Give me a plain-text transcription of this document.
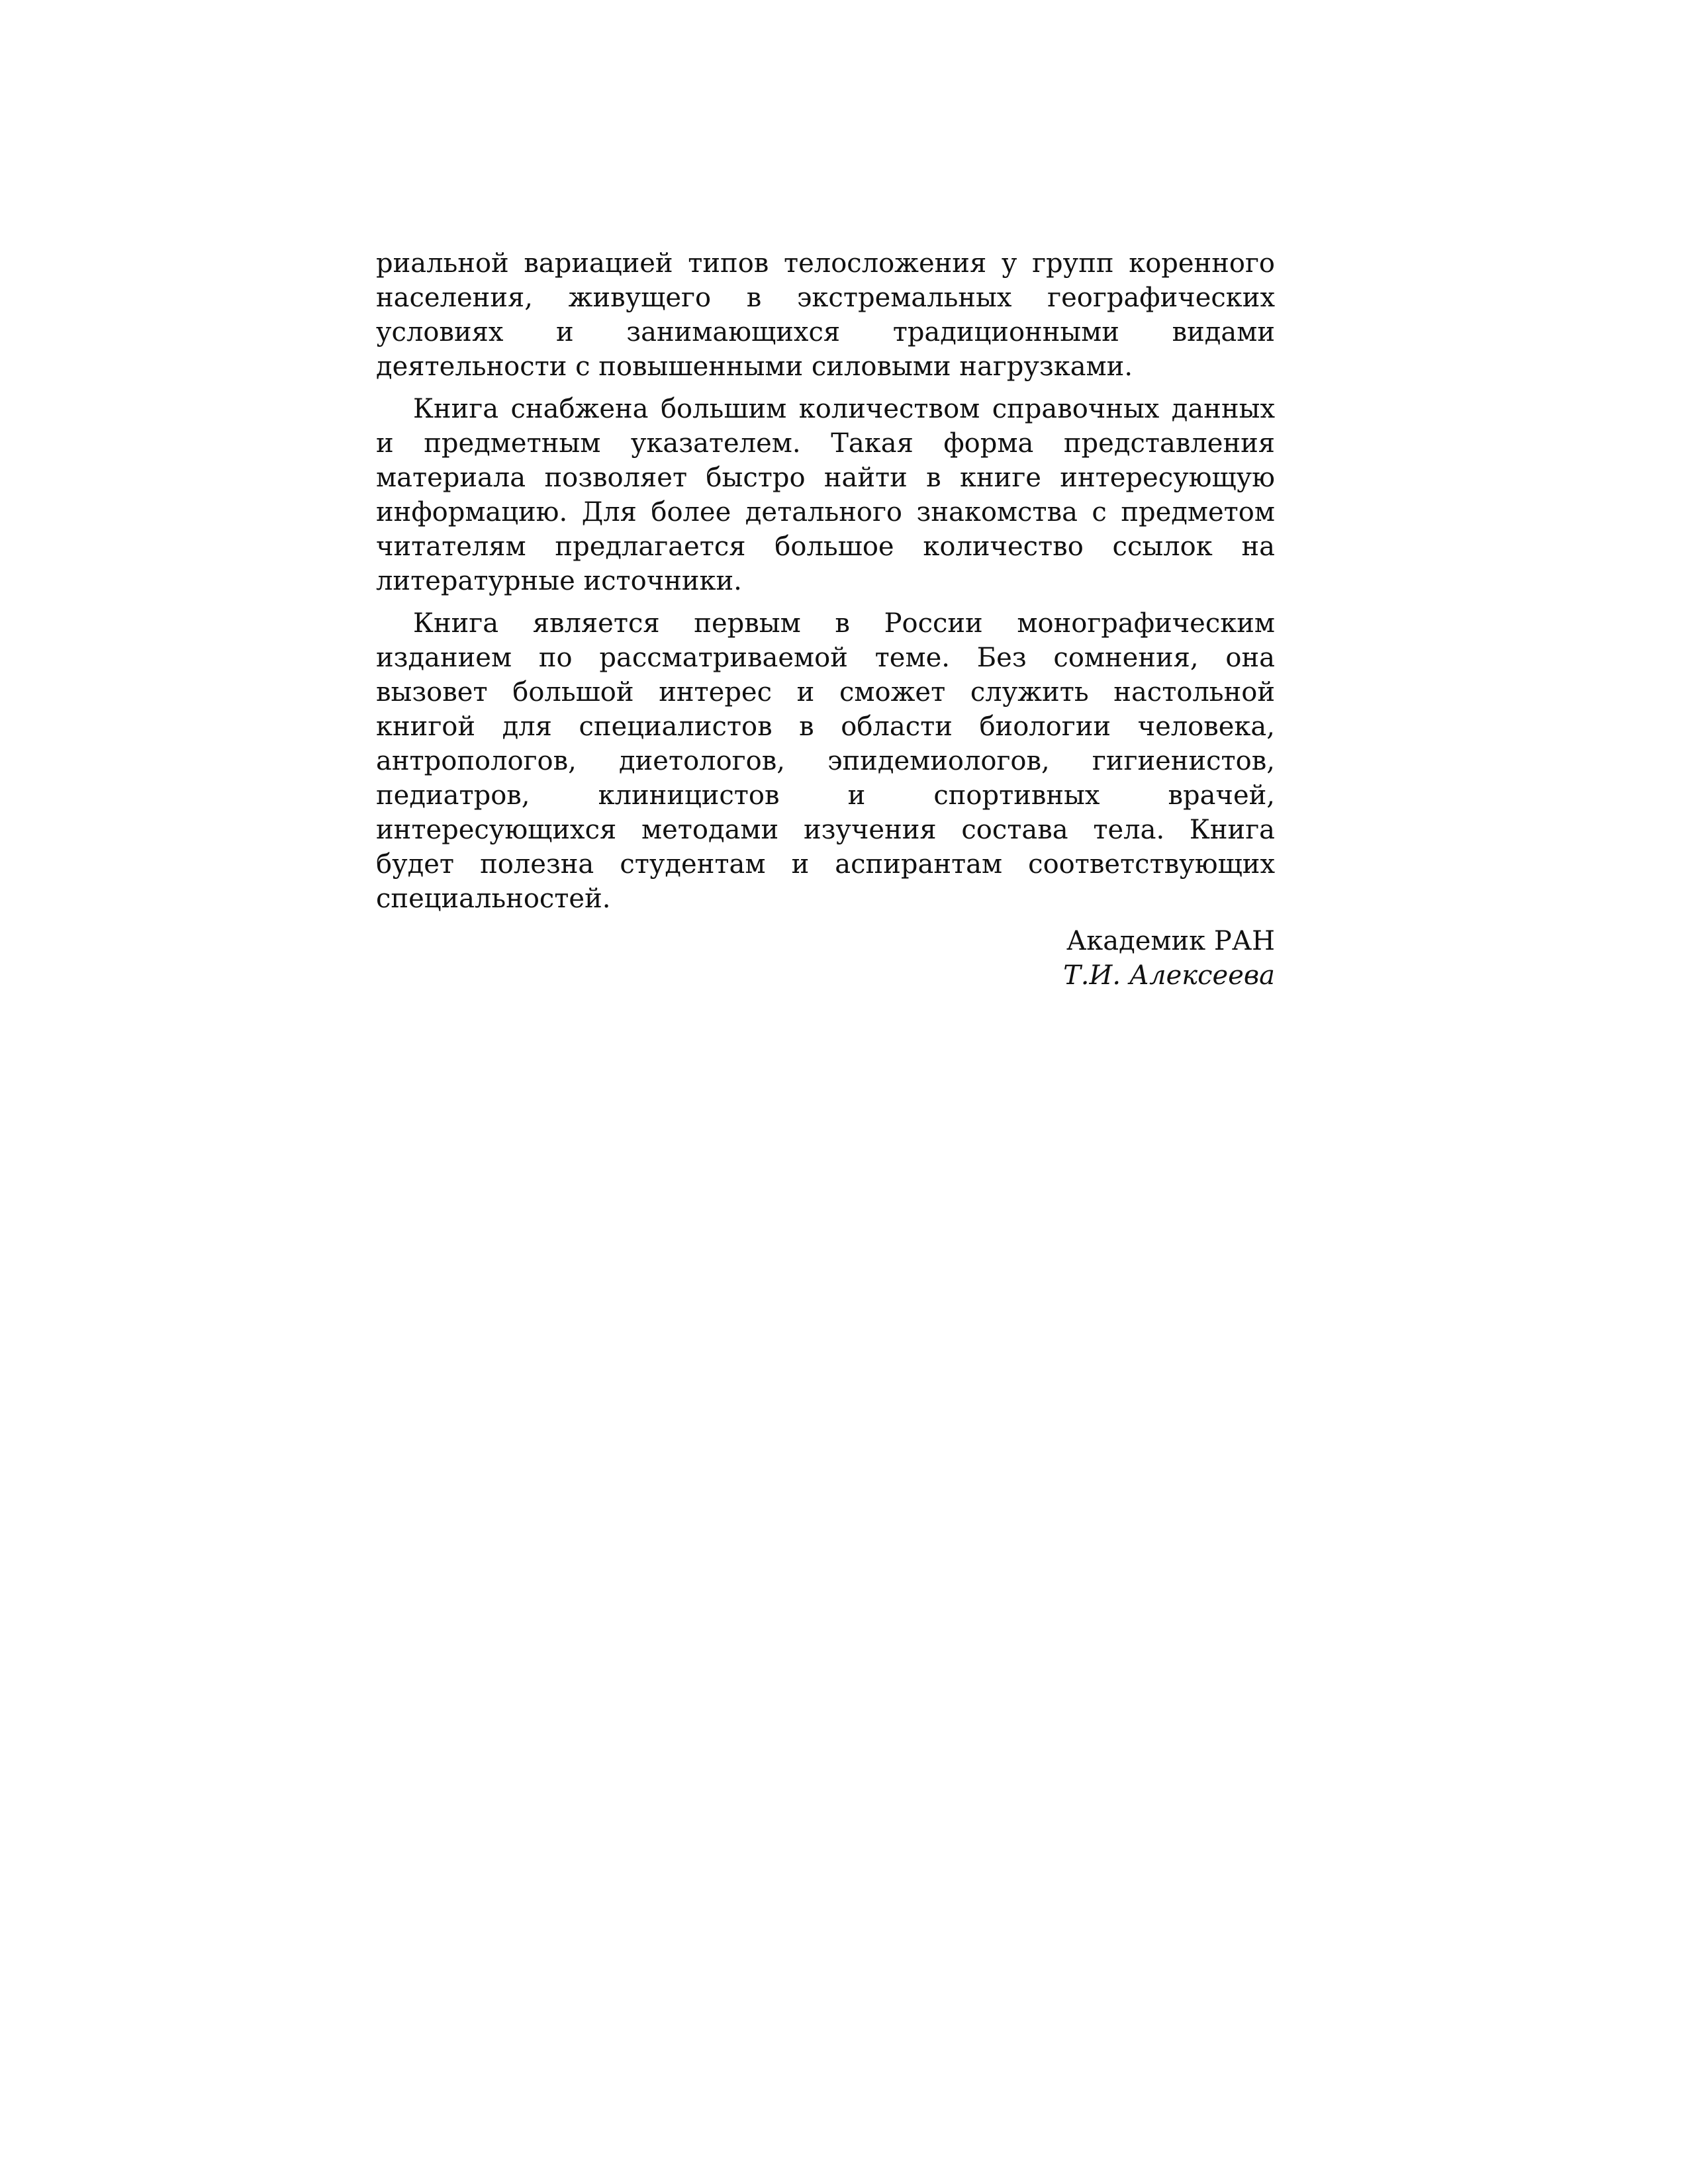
риальной вариацией типов телосложения у групп коренного населения, живущего в экстремальных географических условиях и занимающихся традиционными видами деятельности с повышенными силовыми нагрузками.

Книга снабжена большим количеством справочных данных и предметным указателем. Такая форма представления материала позволяет быстро найти в книге интересующую информацию. Для более детального знакомства с предметом читателям предлагается большое количество ссылок на литературные источники.

Книга является первым в России монографическим изданием по рассматриваемой теме. Без сомнения, она вызовет большой интерес и сможет служить настольной книгой для специалистов в области биологии человека, антропологов, диетологов, эпидемиологов, гигиенистов, педиатров, клиницистов и спортивных врачей, интересующихся методами изучения состава тела. Книга будет полезна студентам и аспирантам соответствующих специальностей.

Академик РАН
Т.И. Алексеева
